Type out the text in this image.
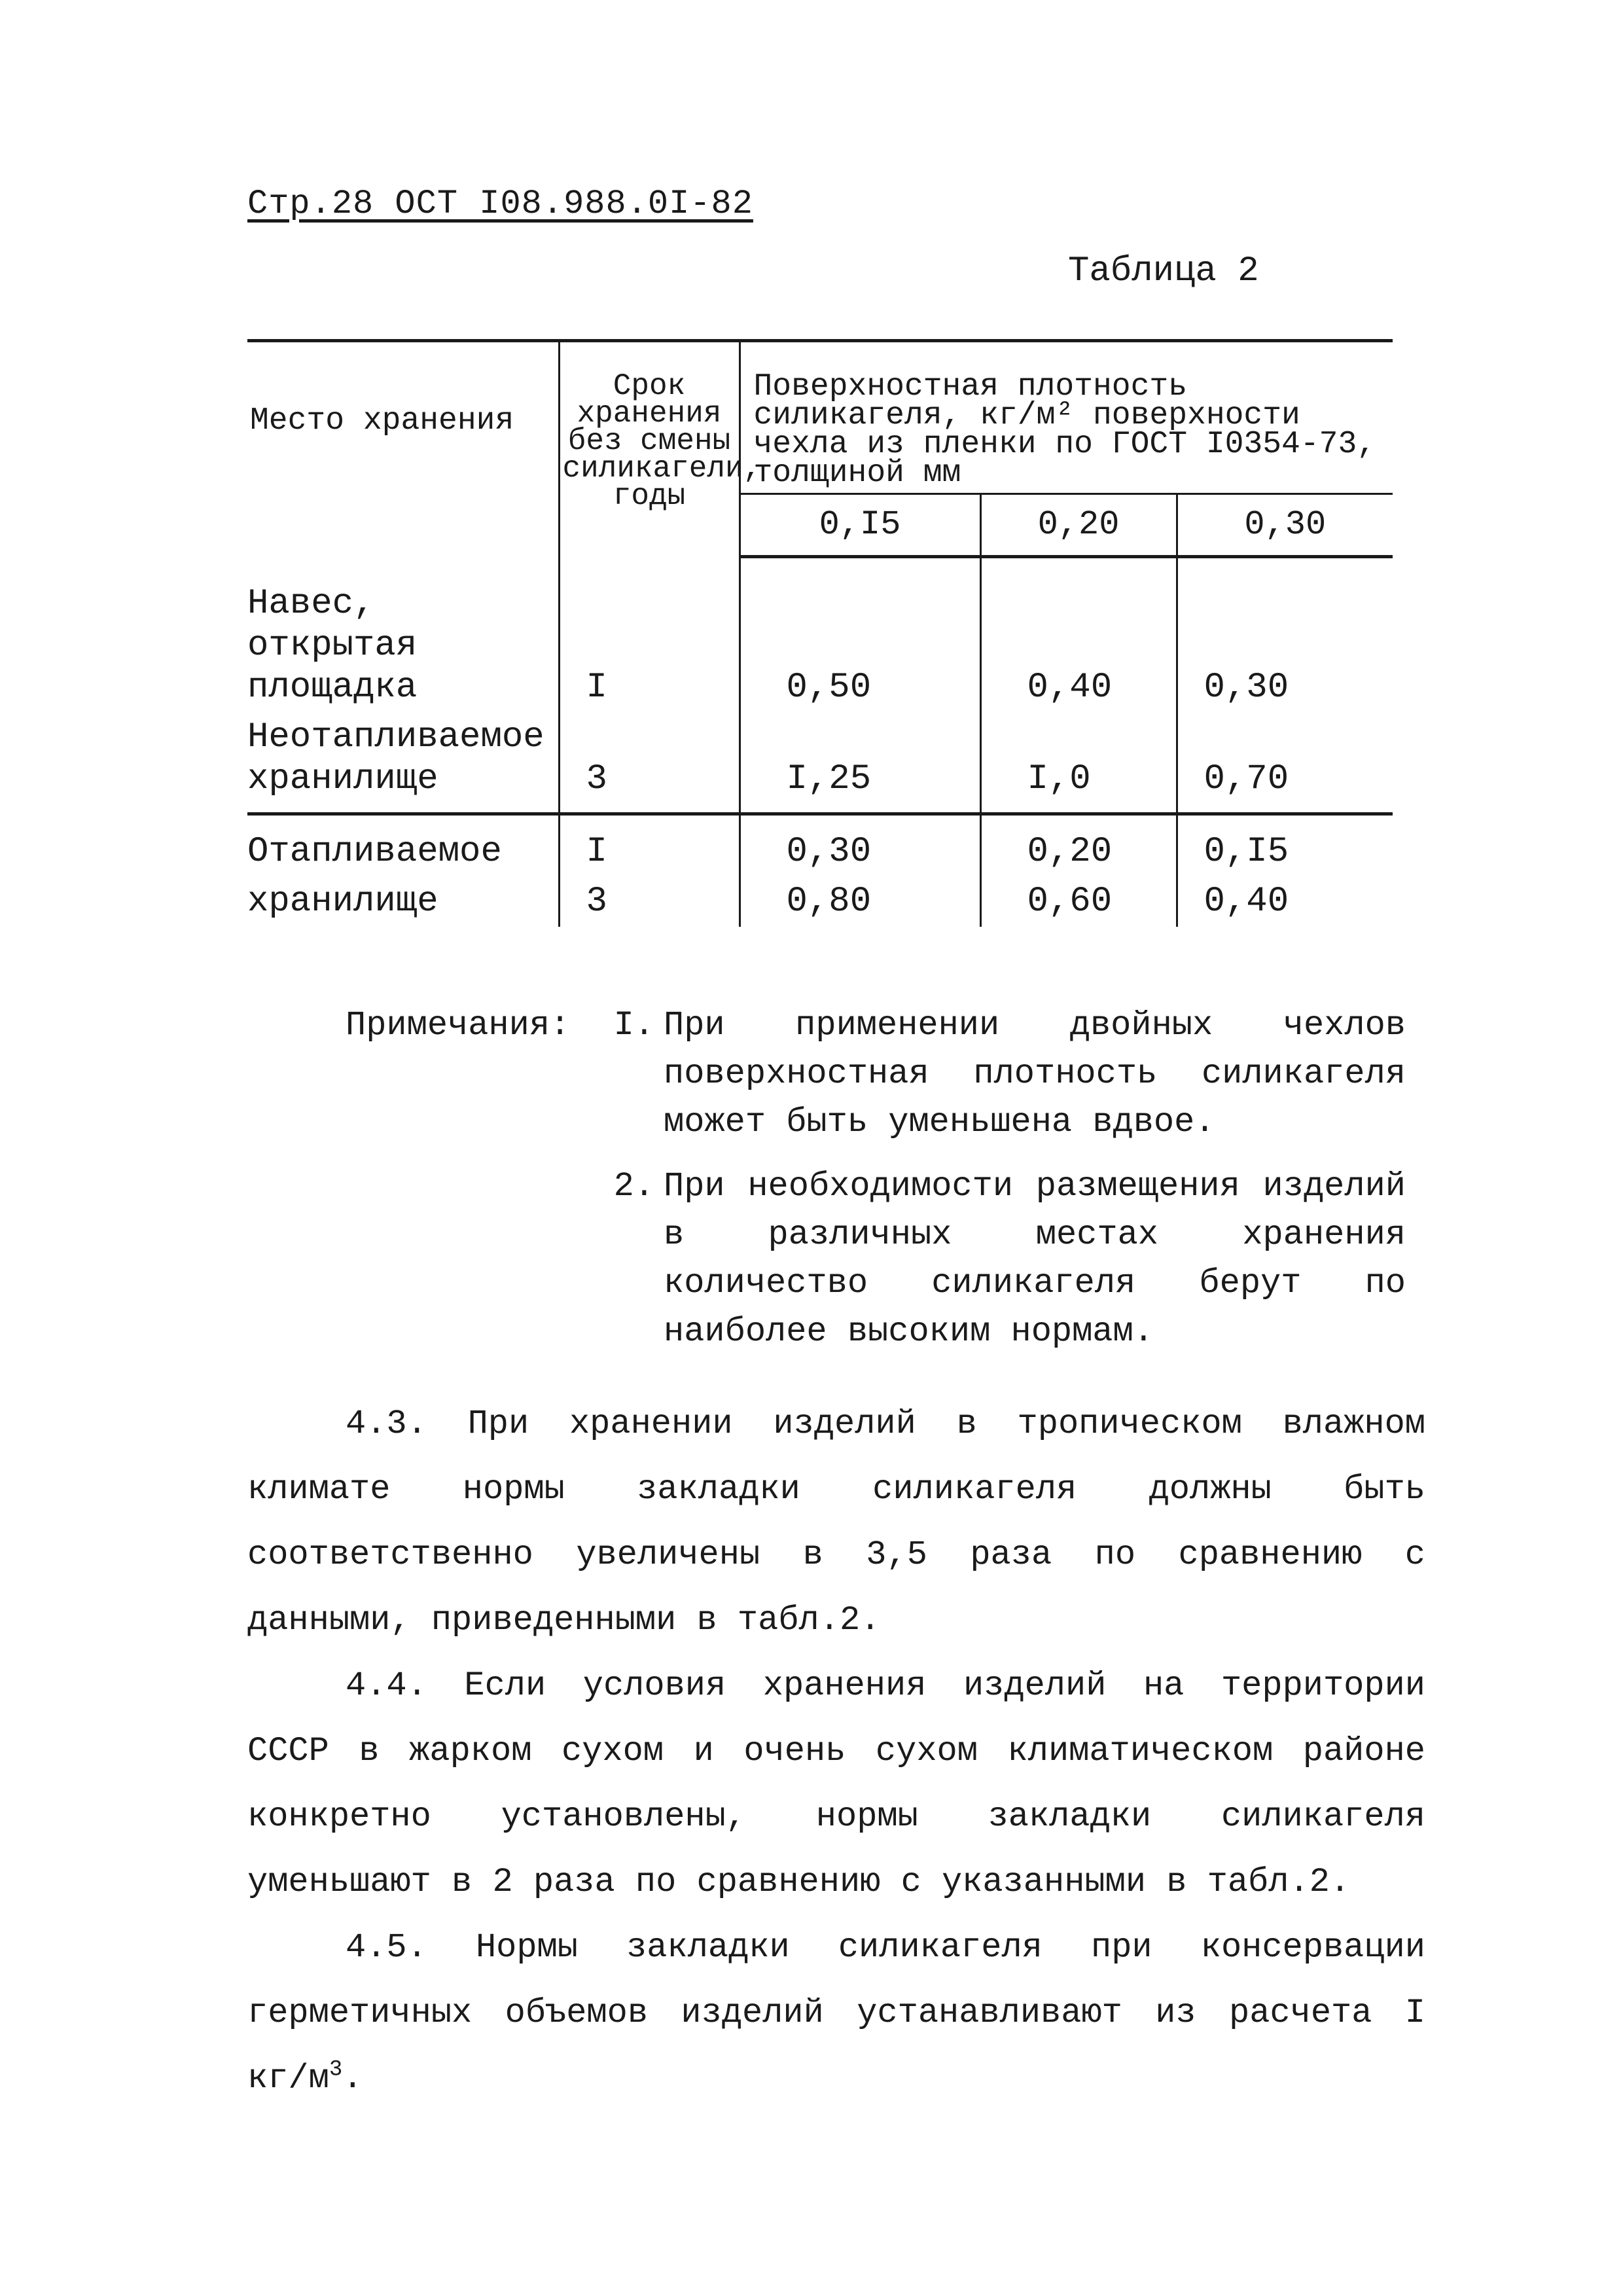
Стр.28 ОСТ I08.988.0I-82
Таблица 2
Место хранения	Срок хранения без смены силикагели, годы	Поверхностная плотность силикагеля, кг/м² поверхности чехла из пленки по ГОСТ I0354-73, толщиной мм		
		0,I5	0,20	0,30
Навес, открытая площадка	I	0,50	0,40	0,30
Неотапливаемое хранилище	3	I,25	I,0	0,70
Отапливаемое	I	0,30	0,20	0,I5
хранилище	3	0,80	0,60	0,40
Примечания:	I. При применении двойных чехлов поверхностная плотность силикагеля может быть уменьшена вдвое.
2. При необходимости размещения изделий в различных местах хранения количество силикагеля берут по наиболее высоким нормам.

4.3. При хранении изделий в тропическом влажном климате нормы закладки силикагеля должны быть соответственно увеличены в 3,5 раза по сравнению с данными, приведенными в табл.2.

4.4. Если условия хранения изделий на территории СССР в жарком сухом и очень сухом климатическом районе конкретно установлены, нормы закладки силикагеля уменьшают в 2 раза по сравнению с указанными в табл.2.

4.5. Нормы закладки силикагеля при консервации герметичных объемов изделий устанавливают из расчета I $кг/м^3$.
